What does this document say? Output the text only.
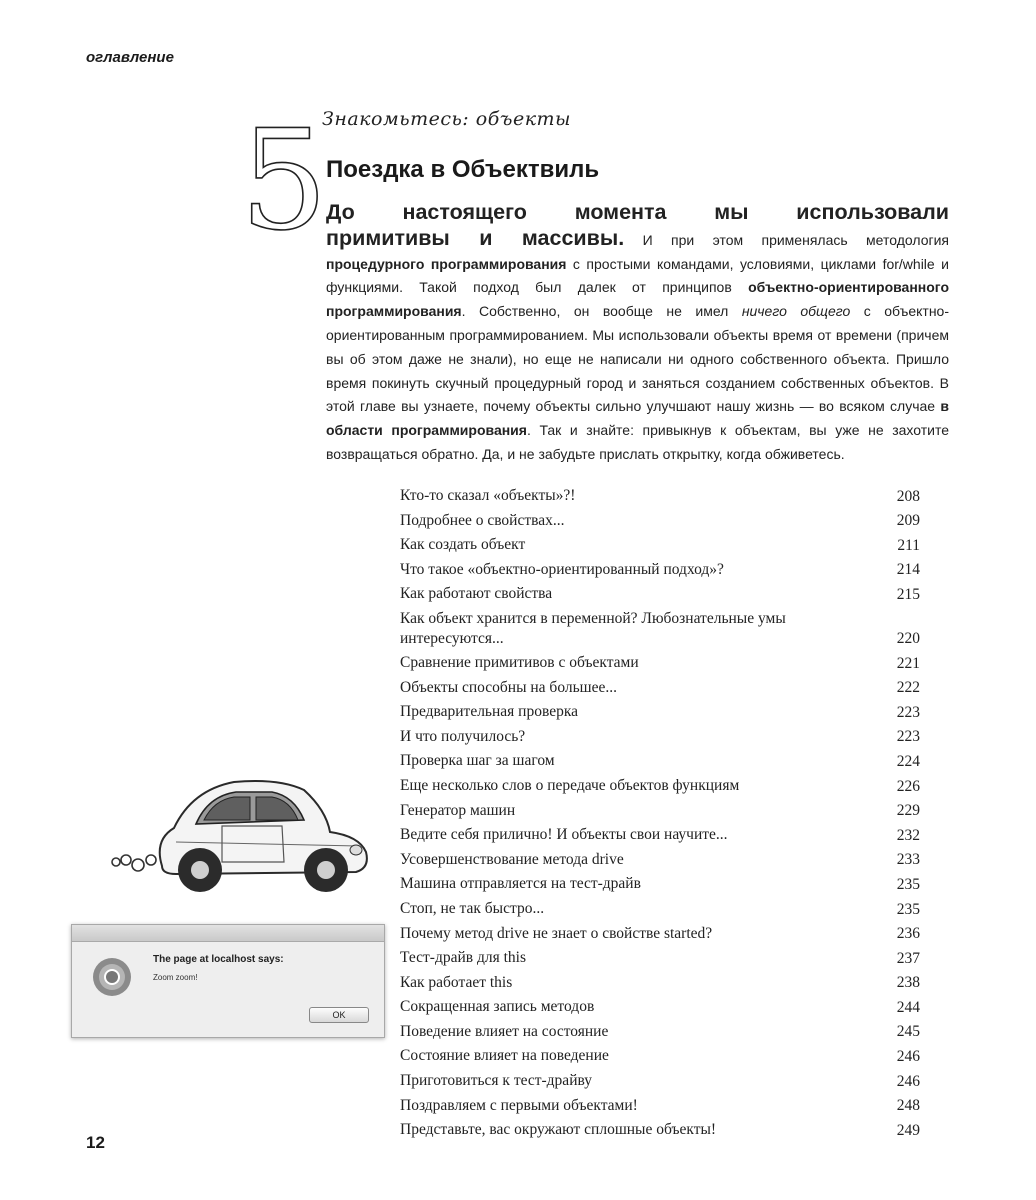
оглавление
5
Знакомьтесь: объекты
Поездка в Объектвиль
До настоящего момента мы использовали примитивы и массивы. И при этом применялась методология процедурного программирования с простыми командами, условиями, циклами for/while и функциями. Такой подход был далек от принципов объектно-ориентированного программирования. Собственно, он вообще не имел ничего общего с объектно-ориентированным программированием. Мы использовали объекты время от времени (причем вы об этом даже не знали), но еще не написали ни одного собственного объекта. Пришло время покинуть скучный процедурный город и заняться созданием собственных объектов. В этой главе вы узнаете, почему объекты сильно улучшают нашу жизнь — во всяком случае в области программирования. Так и знайте: привыкнув к объектам, вы уже не захотите возвращаться обратно. Да, и не забудьте прислать открытку, когда обживетесь.
Кто-то сказал «объекты»?!	208
Подробнее о свойствах...	209
Как создать объект	211
Что такое «объектно-ориентированный подход»?	214
Как работают свойства	215
Как объект хранится в переменной? Любознательные умы интересуются...	220
Сравнение примитивов с объектами	221
Объекты способны на большее...	222
Предварительная проверка	223
И что получилось?	223
Проверка шаг за шагом	224
Еще несколько слов о передаче объектов функциям	226
Генератор машин	229
Ведите себя прилично! И объекты свои научите...	232
Усовершенствование метода drive	233
Машина отправляется на тест-драйв	235
Стоп, не так быстро...	235
Почему метод drive не знает о свойстве started?	236
Тест-драйв для this	237
Как работает this	238
Сокращенная запись методов	244
Поведение влияет на состояние	245
Состояние влияет на поведение	246
Приготовиться к тест-драйву	246
Поздравляем с первыми объектами!	248
Представьте, вас окружают сплошные объекты!	249
The page at localhost says:
Zoom zoom!
OK
12
